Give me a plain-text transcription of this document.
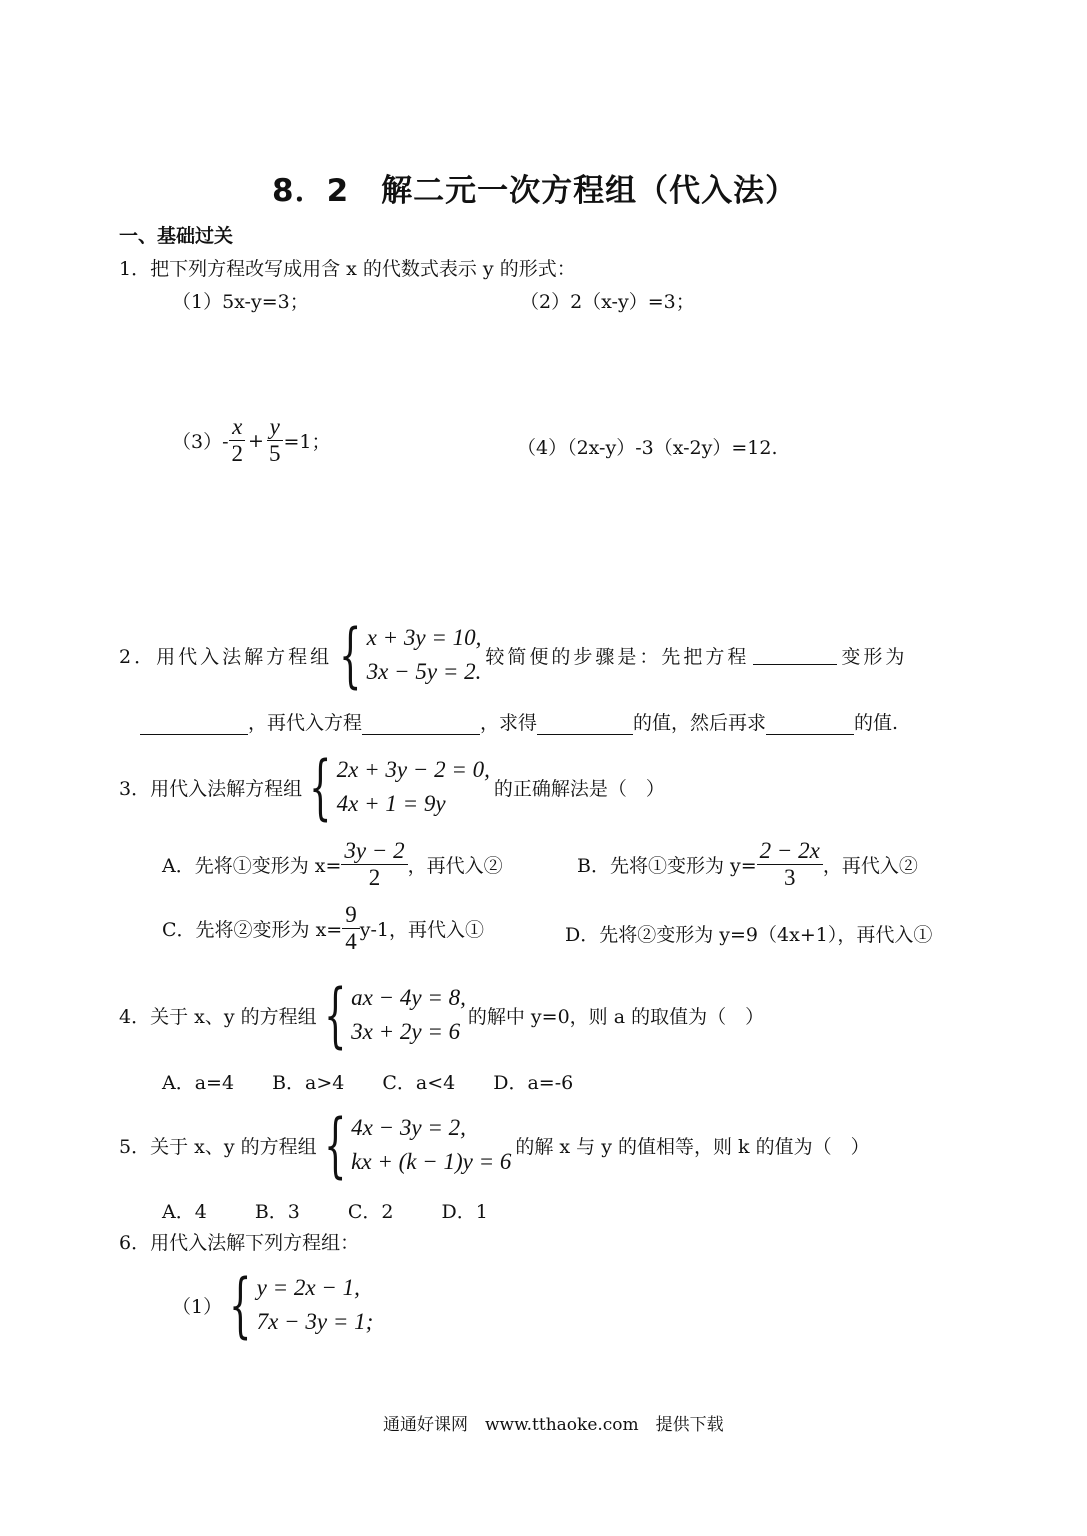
8．2　解二元一次方程组（代入法）
一、基础过关
1．把下列方程改写成用含 x 的代数式表示 y 的形式：
（1）5x-y=3；	（2）2（x-y）=3；
$(3)- \frac{x}{2} + \frac{y}{5} =1$；	（4）（2x-y）-3（x-2y）=12.
2．用代入法解方程组 { x + 3y = 10,
3x − 5y = 2.
较简便的步骤是：先把方程	变形为
，再代入方程	，求得	的值，然后再求	的值.
3．用代入法解方程组 { 2x + 3y − 2 = 0,
4x + 1 = 9y
的正确解法是（　）
A．先将①变形为 $x= \frac{3y - 2}{2}$ ，再代入②	B．先将①变形为 $y= \frac{2 - 2x}{3}$ ，再代入②
C．先将②变形为 $x= \frac{9}{4} y-1$，再代入①	D．先将②变形为 y=9（4x+1），再代入①
4．关于 x、y 的方程组 { ax − 4y = 8,
3x + 2y = 6
的解中 y=0，则 a 的取值为（　）
A．a=4 B．a>4 C．a<4 D．a=-6
5．关于 x、y 的方程组 { 4x − 3y = 2,
kx + (k − 1)y = 6
的解 x 与 y 的值相等，则 k 的值为（　）
A．4	B．3	C．2	D．1
6．用代入法解下列方程组：
（1） { y = 2x − 1,
7x − 3y = 1;
通通好课网　www.tthaoke.com　提供下载
